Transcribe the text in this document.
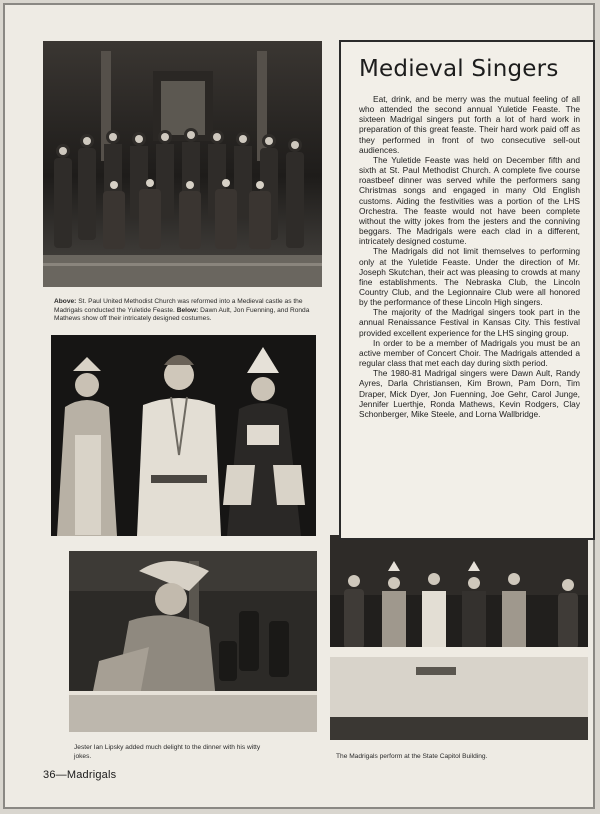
Above: St. Paul United Methodist Church was reformed into a Medieval castle as the Madrigals conducted the Yuletide Feaste. Below: Dawn Ault, Jon Fuenning, and Ronda Mathews show off their intricately designed costumes.
Jester Ian Lipsky added much delight to the dinner with his witty jokes.	The Madrigals perform at the State Capitol Building.
Medieval Singers

Eat, drink, and be merry was the mutual feeling of all who attended the second annual Yuletide Feaste. The sixteen Madrigal singers put forth a lot of hard work in preparation of this great feaste. Their hard work paid off as they performed in front of two consecutive sell-out audiences.

The Yuletide Feaste was held on December fifth and sixth at St. Paul Methodist Church. A complete five course roastbeef dinner was served while the performers sang Christmas songs and engaged in many Old English customs. Aiding the festivities was a portion of the LHS Orchestra. The feaste would not have been complete without the witty jokes from the jesters and the conniving beggars. The Madrigals were each clad in a different, intricately designed costume.

The Madrigals did not limit themselves to performing only at the Yuletide Feaste. Under the direction of Mr. Joseph Skutchan, their act was pleasing to crowds at many fine establishments. The Nebraska Club, the Lincoln Country Club, and the Legionnaire Club were all honored by the performance of these Lincoln High singers.

The majority of the Madrigal singers took part in the annual Renaissance Festival in Kansas City. This festival provided excellent experience for the LHS singing group.

In order to be a member of Madrigals you must be an active member of Concert Choir. The Madrigals attended a regular class that met each day during sixth period.

The 1980-81 Madrigal singers were Dawn Ault, Randy Ayres, Darla Christiansen, Kim Brown, Pam Dorn, Tim Draper, Mick Dyer, Jon Fuenning, Joe Gehr, Carol Junge, Jennifer Luerthje, Ronda Mathews, Kevin Rodgers, Clay Schonberger, Mike Steele, and Lorna Wallbridge.

36—Madrigals
